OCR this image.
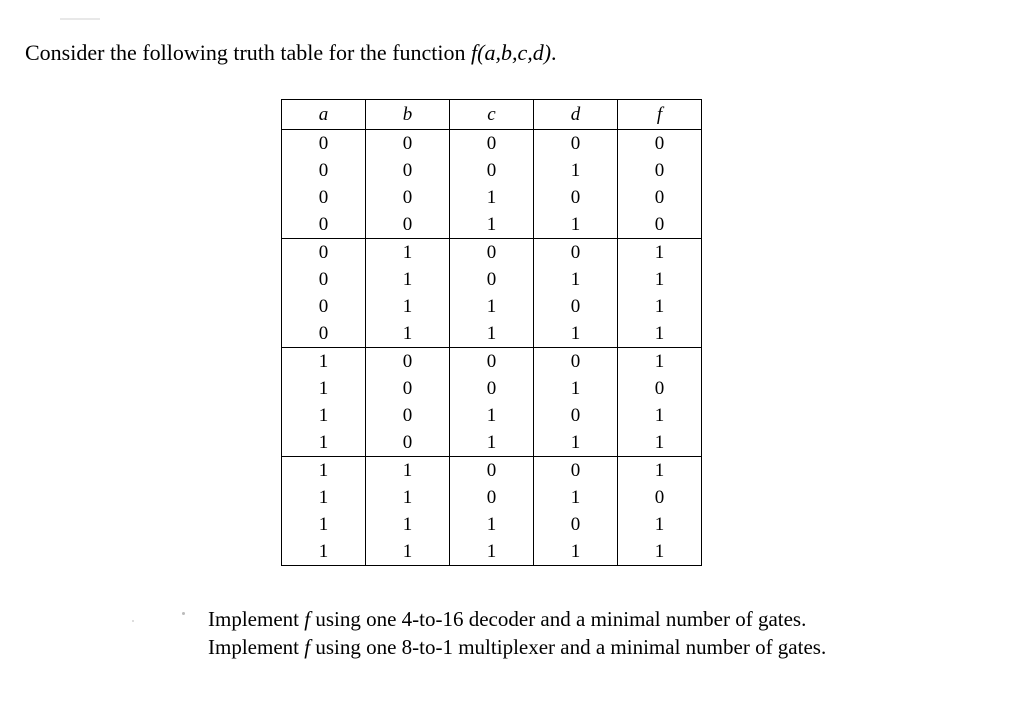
Consider the following truth table for the function f(a,b,c,d).
a	b	c	d	f
0	0	0	0	0
0	0	0	1	0
0	0	1	0	0
0	0	1	1	0
0	1	0	0	1
0	1	0	1	1
0	1	1	0	1
0	1	1	1	1
1	0	0	0	1
1	0	0	1	0
1	0	1	0	1
1	0	1	1	1
1	1	0	0	1
1	1	0	1	0
1	1	1	0	1
1	1	1	1	1
Implement f using one 4-to-16 decoder and a minimal number of gates.
Implement f using one 8-to-1 multiplexer and a minimal number of gates.
